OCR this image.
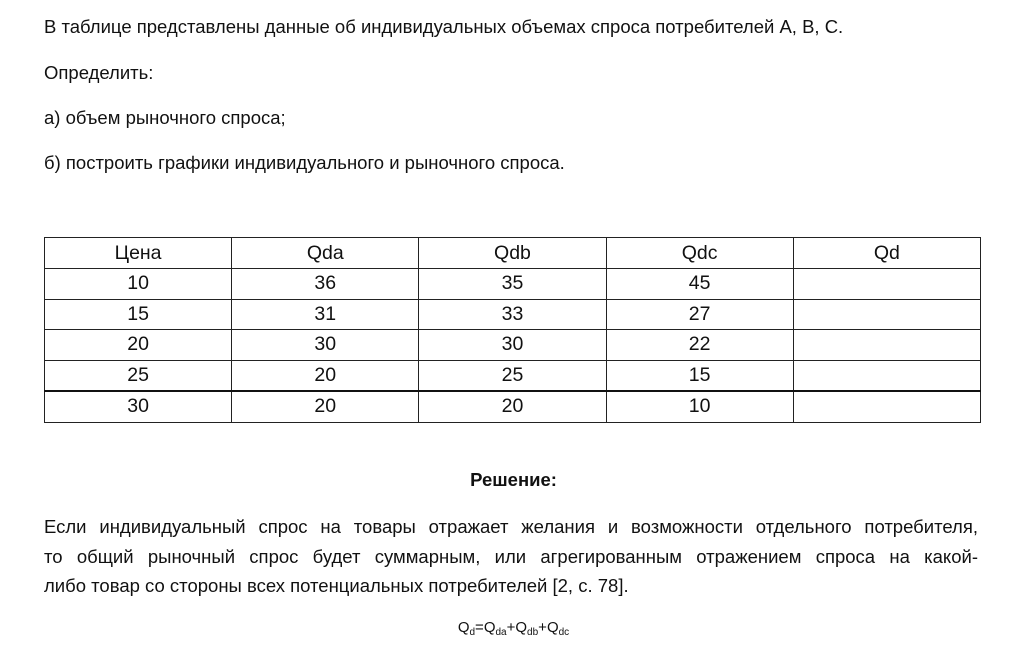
В таблице представлены данные об индивидуальных объемах спроса потребителей А, В, С.
Определить:
а) объем рыночного спроса;
б) построить графики индивидуального и рыночного спроса.
Цена	Qda	Qdb	Qdc	Qd
10	36	35	45	
15	31	33	27	
20	30	30	22	
25	20	25	15	
30	20	20	10	
Решение:
Если индивидуальный спрос на товары отражает желания и возможности отдельного потребителя,
то общий рыночный спрос будет суммарным, или агрегированным отражением спроса на какой-
либо товар со стороны всех потенциальных потребителей [2, с. 78].
$Q_d=Q_{da}+Q_{db}+Q_{dc}$
